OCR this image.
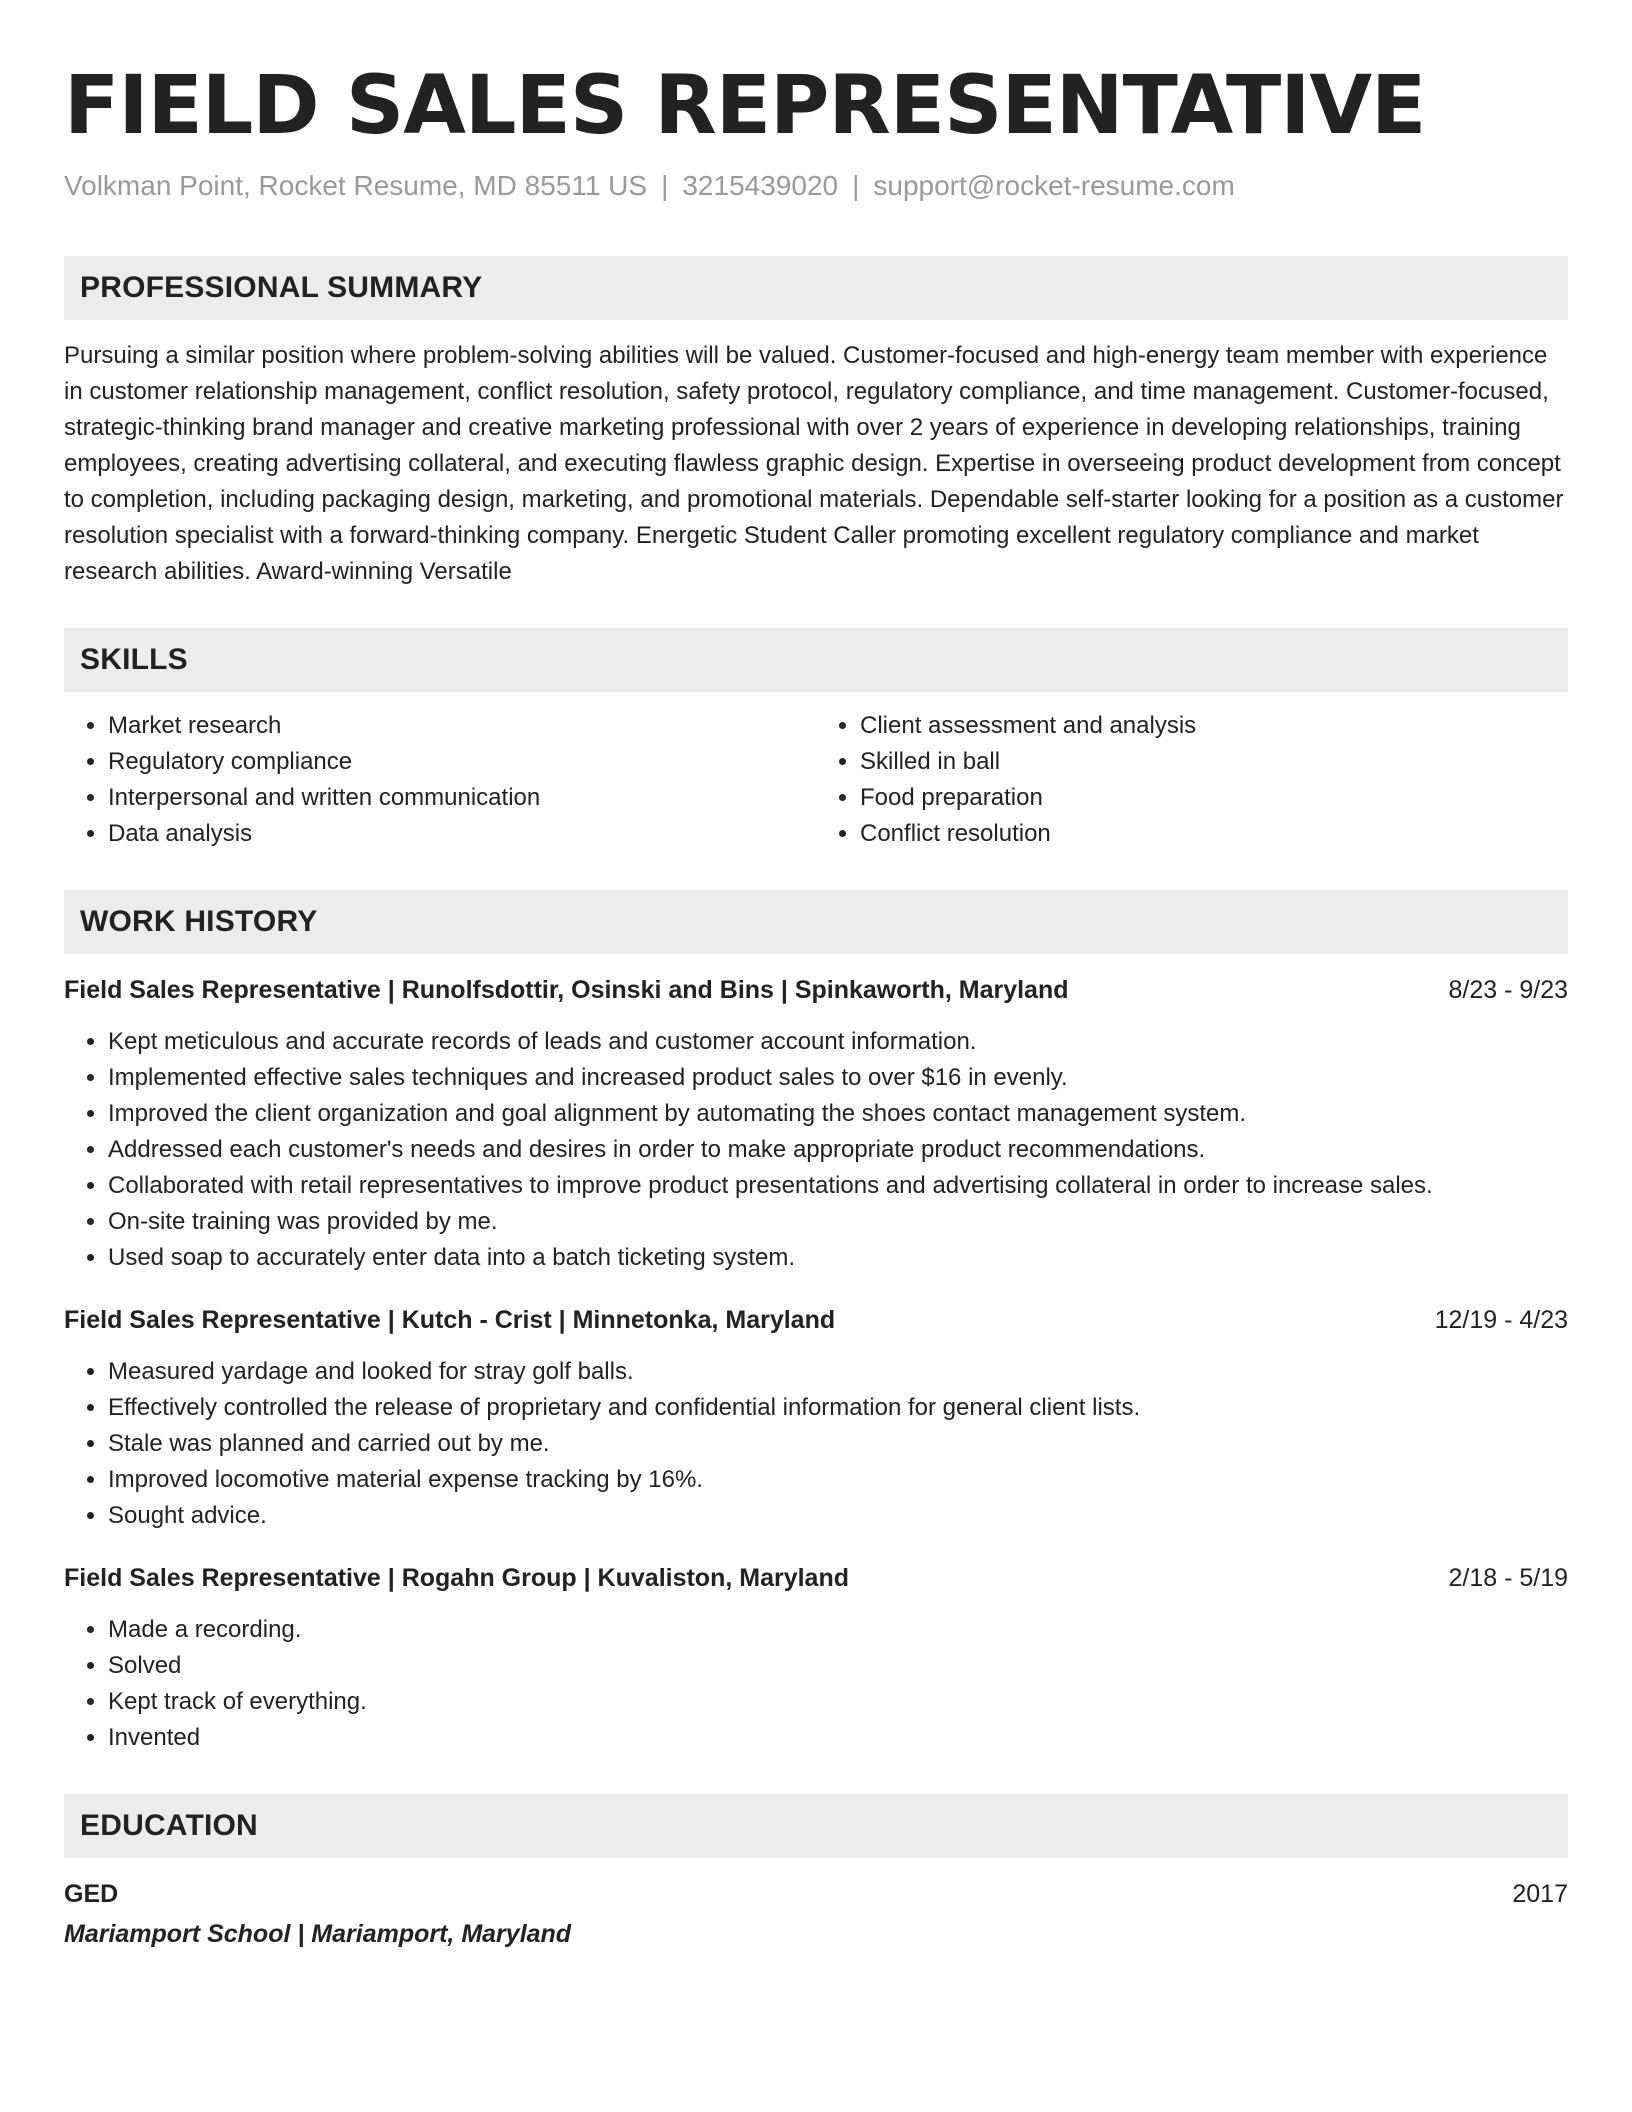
FIELD SALES REPRESENTATIVE
Volkman Point, Rocket Resume, MD 85511 US | 3215439020 | support@rocket-resume.com
PROFESSIONAL SUMMARY
Pursuing a similar position where problem-solving abilities will be valued. Customer-focused and high-energy team member with experience in customer relationship management, conflict resolution, safety protocol, regulatory compliance, and time management. Customer-focused, strategic-thinking brand manager and creative marketing professional with over 2 years of experience in developing relationships, training employees, creating advertising collateral, and executing flawless graphic design. Expertise in overseeing product development from concept to completion, including packaging design, marketing, and promotional materials. Dependable self-starter looking for a position as a customer resolution specialist with a forward-thinking company. Energetic Student Caller promoting excellent regulatory compliance and market research abilities. Award-winning Versatile
SKILLS
• Market research
• Regulatory compliance
• Interpersonal and written communication
• Data analysis
• Client assessment and analysis
• Skilled in ball
• Food preparation
• Conflict resolution
WORK HISTORY
Field Sales Representative | Runolfsdottir, Osinski and Bins | Spinkaworth, Maryland	8/23 - 9/23
• Kept meticulous and accurate records of leads and customer account information.
• Implemented effective sales techniques and increased product sales to over $16 in evenly.
• Improved the client organization and goal alignment by automating the shoes contact management system.
• Addressed each customer's needs and desires in order to make appropriate product recommendations.
• Collaborated with retail representatives to improve product presentations and advertising collateral in order to increase sales.
• On-site training was provided by me.
• Used soap to accurately enter data into a batch ticketing system.
Field Sales Representative | Kutch - Crist | Minnetonka, Maryland	12/19 - 4/23
• Measured yardage and looked for stray golf balls.
• Effectively controlled the release of proprietary and confidential information for general client lists.
• Stale was planned and carried out by me.
• Improved locomotive material expense tracking by 16%.
• Sought advice.
Field Sales Representative | Rogahn Group | Kuvaliston, Maryland	2/18 - 5/19
• Made a recording.
• Solved
• Kept track of everything.
• Invented
EDUCATION
GED	2017
Mariamport School | Mariamport, Maryland
